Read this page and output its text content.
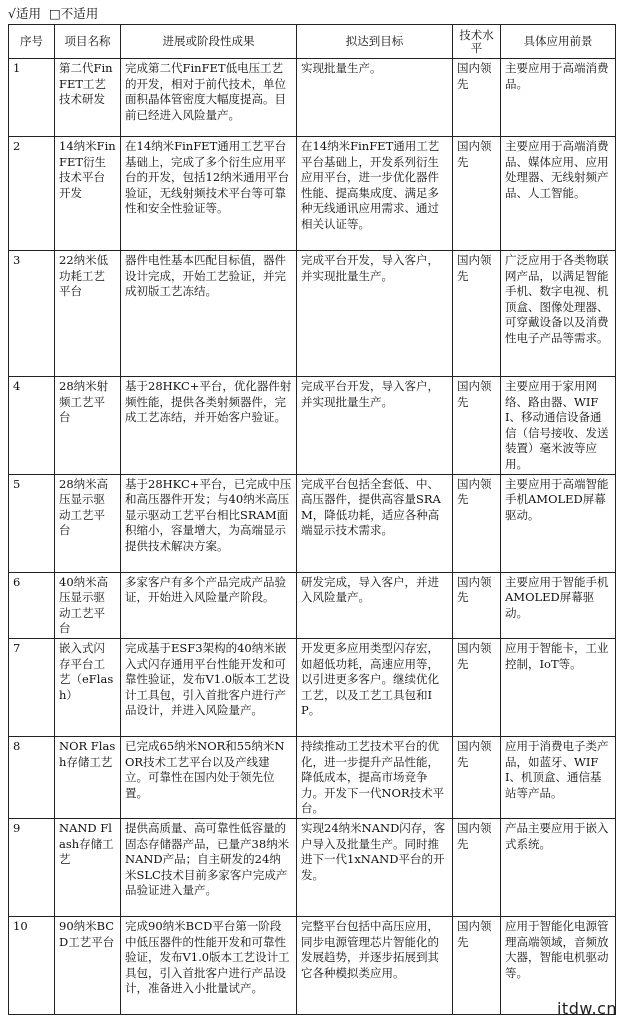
√适用 □不适用
序号	项目名称	进展或阶段性成果	拟达到目标	技术水平	具体应用前景
1	第二代FinFET工艺技术研发	完成第二代FinFET低电压工艺的开发，相对于前代技术，单位面积晶体管密度大幅度提高。目前已经进入风险量产。	实现批量生产。	国内领先	主要应用于高端消费品。
2	14纳米FinFET衍生技术平台开发	在14纳米FinFET通用工艺平台基础上，完成了多个衍生应用平台的开发，包括12纳米通用平台验证，无线射频技术平台等可靠性和安全性验证等。	在14纳米FinFET通用工艺平台基础上，开发系列衍生应用平台，进一步优化器件性能、提高集成度、满足多种无线通讯应用需求、通过相关认证等。	国内领先	主要应用于高端消费品、媒体应用、应用处理器、无线射频产品、人工智能。
3	22纳米低功耗工艺平台	器件电性基本匹配目标值，器件设计完成，开始工艺验证，并完成初版工艺冻结。	完成平台开发，导入客户，并实现批量生产。	国内领先	广泛应用于各类物联网产品，以满足智能手机、数字电视、机顶盒、图像处理器、可穿戴设备以及消费性电子产品等需求。
4	28纳米射频工艺平台	基于28HKC+平台，优化器件射频性能，提供各类射频器件，完成工艺冻结，并开始客户验证。	完成平台开发，导入客户，并实现批量生产。	国内领先	主要应用于家用网络、路由器、WIFI、移动通信设备通信（信号接收、发送装置）毫米波等应用。
5	28纳米高压显示驱动工艺平台	基于28HKC+平台，已完成中压和高压器件开发；与40纳米高压显示驱动工艺平台相比SRAM面积缩小，容量增大，为高端显示提供技术解决方案。	完成平台包括全套低、中、高压器件，提供高容量SRAM，降低功耗，适应各种高端显示技术需求。	国内领先	主要应用于高端智能手机AMOLED屏幕驱动。
6	40纳米高压显示驱动工艺平台	多家客户有多个产品完成产品验证，开始进入风险量产阶段。	研发完成，导入客户，并进入风险量产。	国内领先	主要应用于智能手机AMOLED屏幕驱动。
7	嵌入式闪存平台工艺（eFlash）	完成基于ESF3架构的40纳米嵌入式闪存通用平台性能开发和可靠性验证，发布V1.0版本工艺设计工具包，引入首批客户进行产品设计，并进入风险量产。	开发更多应用类型闪存宏，如超低功耗，高速应用等，以引进更多客户。继续优化工艺，以及工艺工具包和IP。	国内领先	应用于智能卡，工业控制，IoT等。
8	NOR Flash存储工艺	已完成65纳米NOR和55纳米NOR技术工艺平台以及产线建立。可靠性在国内处于领先位置。	持续推动工艺技术平台的优化，进一步提升产品性能，降低成本，提高市场竞争力。开发下一代NOR技术平台。	国内领先	应用于消费电子类产品，如蓝牙、WIFI、机顶盒、通信基站等产品。
9	NAND Flash存储工艺	提供高质量、高可靠性低容量的固态存储器产品，已量产38纳米NAND产品；自主研发的24纳米SLC技术目前多家客户完成产品验证进入量产。	实现24纳米NAND闪存，客户导入及批量生产。同时推进下一代1xNAND平台的开发。	国内领先	产品主要应用于嵌入式系统。
10	90纳米BCD工艺平台	完成90纳米BCD平台第一阶段中低压器件的性能开发和可靠性验证，发布V1.0版本工艺设计工具包，引入首批客户进行产品设计，准备进入小批量试产。	完整平台包括中高压应用，同步电源管理芯片智能化的发展趋势，并逐步拓展到其它各种模拟类应用。	国内领先	应用于智能化电源管理高端领域，音频放大器，智能电机驱动等。
itdw.cn
